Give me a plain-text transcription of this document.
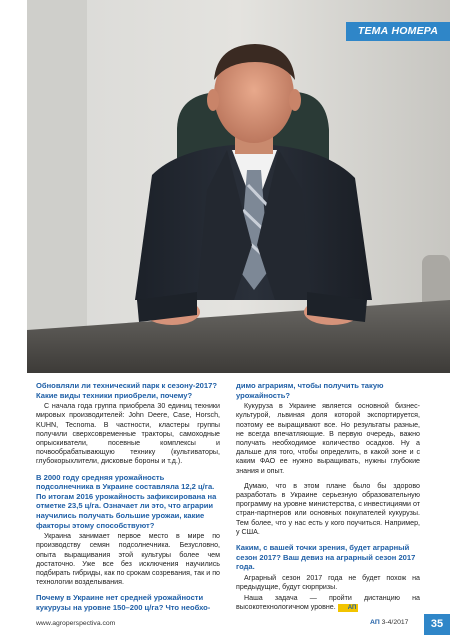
ТЕМА НОМЕРА

Обновляли ли технический парк к сезону-2017? Какие виды техники приобрели, почему?

С начала года группа приобрела 30 единиц техники мировых производителей: John Deere, Case, Horsch, KUHN, Tecnoma. В частности, кластеры группы получили сверхсовременные тракторы, самоходные опрыскиватели, посевные комплексы и почвообрабатывающую технику (культиваторы, глубокорыхлители, дисковые бороны и т.д.).

В 2000 году средняя урожайность подсолнечника в Украине составляла 12,2 ц/га. По итогам 2016 урожайность зафиксирована на отметке 23,5 ц/га. Означает ли это, что аграрии научились получать большие урожаи, какие факторы этому способствуют?

Украина занимает первое место в мире по производству семян подсолнечника. Безусловно, опыта выращивания этой культуры более чем достаточно. Уже все без исключения научились подбирать гибриды, как по срокам созревания, так и по технологии возделывания.

Почему в Украине нет средней урожайности кукурузы на уровне 150–200 ц/га? Что необхо-

димо аграриям, чтобы получить такую урожайность?

Кукуруза в Украине является основной бизнес-культурой, львиная доля которой экспортируется, поэтому ее выращивают все. Но результаты разные, не всегда впечатляющие. В первую очередь, важно получать необходимое количество осадков. Ну а дальше для того, чтобы определить, в какой зоне и с каким ФАО ее нужно выращивать, нужны глубокие знания и опыт.

Думаю, что в этом плане было бы здорово разработать в Украине серьезную образовательную программу на уровне министерства, с инвестициями от стран-партнеров или основных покупателей кукурузы. Тем более, что у нас есть у кого поучиться. Например, у США.

Каким, с вашей точки зрения, будет аграрный сезон 2017? Ваш девиз на аграрный сезон 2017 года.

Аграрный сезон 2017 года не будет похож на предыдущие, будут сюрпризы.

Наша задача — пройти дистанцию на высокотехнологичном уровне. АП

www.agroperspectiva.com	АП 3-4/2017	35
